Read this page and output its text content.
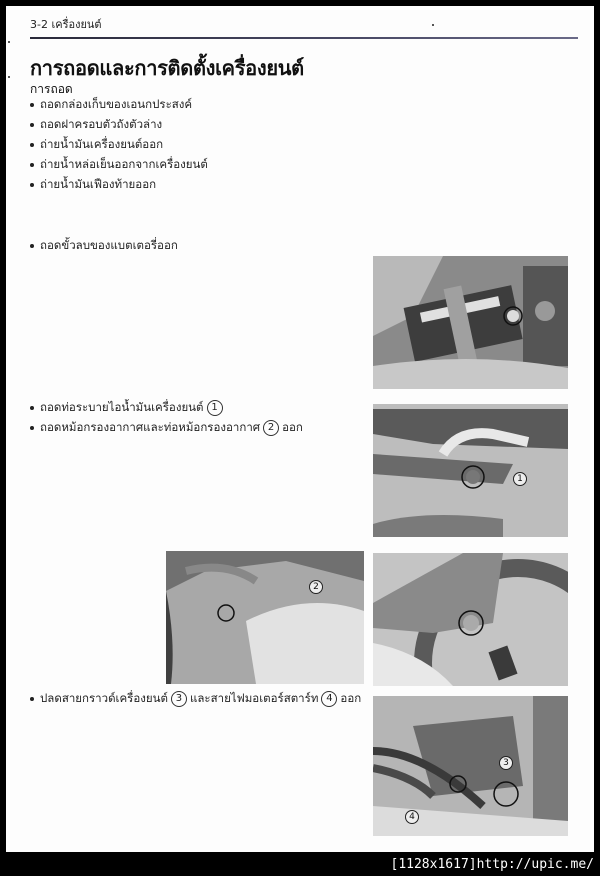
3-2 เครื่องยนต์
การถอดและการติดตั้งเครื่องยนต์
การถอด
ถอดกล่องเก็บของเอนกประสงค์
ถอดฝาครอบตัวถังตัวล่าง
ถ่ายน้ำมันเครื่องยนต์ออก
ถ่ายน้ำหล่อเย็นออกจากเครื่องยนต์
ถ่ายน้ำมันเฟืองท้ายออก
ถอดขั้วลบของแบตเตอรี่ออก
ถอดท่อระบายไอน้ำมันเครื่องยนต์ 1
ถอดหม้อกรองอากาศและท่อหม้อกรองอากาศ 2 ออก
ปลดสายกราวด์เครื่องยนต์ 3 และสายไฟมอเตอร์สตาร์ท 4 ออก
1
2
3
4
[1128x1617]http://upic.me/
